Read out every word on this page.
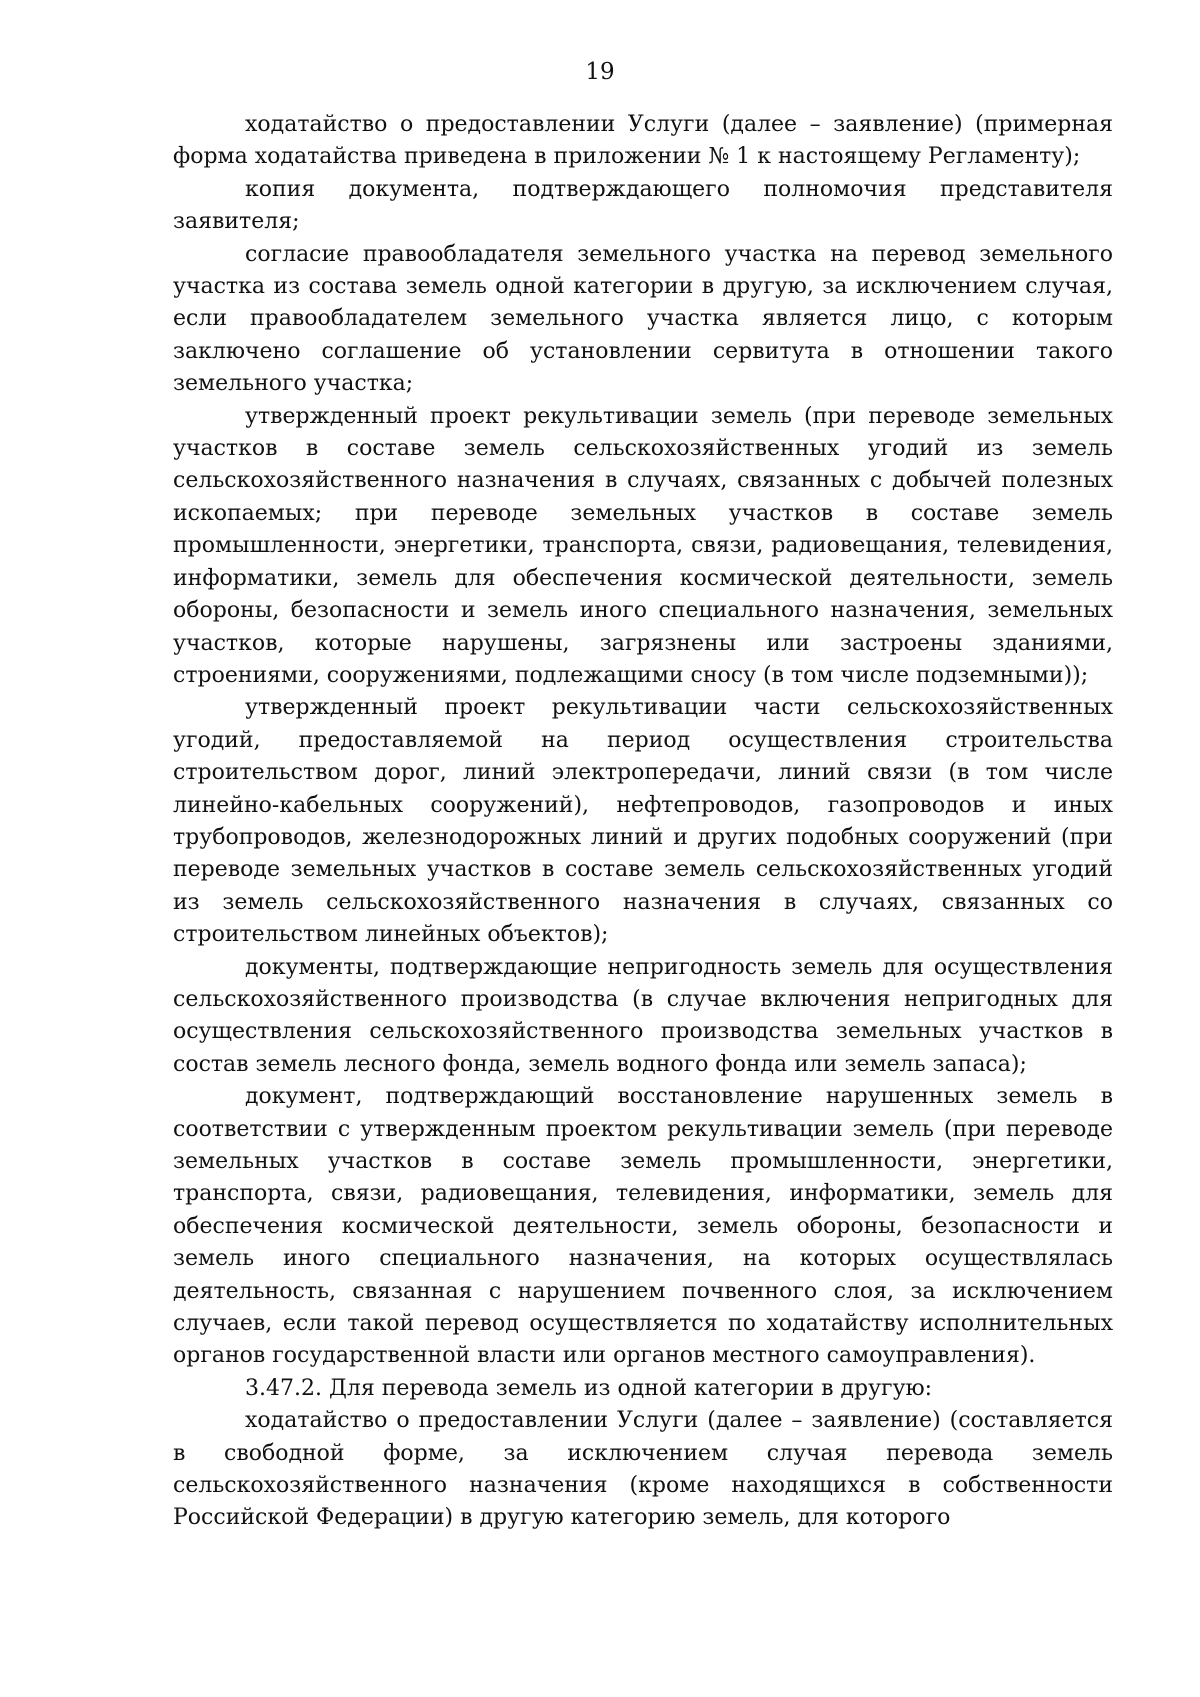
19

ходатайство о предоставлении Услуги (далее – заявление) (примерная форма ходатайства приведена в приложении № 1 к настоящему Регламенту);

копия документа, подтверждающего полномочия представителя заявителя;

согласие правообладателя земельного участка на перевод земельного участка из состава земель одной категории в другую, за исключением случая, если правообладателем земельного участка является лицо, с которым заключено соглашение об установлении сервитута в отношении такого земельного участка;

утвержденный проект рекультивации земель (при переводе земельных участков в составе земель сельскохозяйственных угодий из земель сельскохозяйственного назначения в случаях, связанных с добычей полезных ископаемых; при переводе земельных участков в составе земель промышленности, энергетики, транспорта, связи, радиовещания, телевидения, информатики, земель для обеспечения космической деятельности, земель обороны, безопасности и земель иного специального назначения, земельных участков, которые нарушены, загрязнены или застроены зданиями, строениями, сооружениями, подлежащими сносу (в том числе подземными));

утвержденный проект рекультивации части сельскохозяйственных угодий, предоставляемой на период осуществления строительства строительством дорог, линий электропередачи, линий связи (в том числе линейно-кабельных сооружений), нефтепроводов, газопроводов и иных трубопроводов, железнодорожных линий и других подобных сооружений (при переводе земельных участков в составе земель сельскохозяйственных угодий из земель сельскохозяйственного назначения в случаях, связанных со строительством линейных объектов);

документы, подтверждающие непригодность земель для осуществления сельскохозяйственного производства (в случае включения непригодных для осуществления сельскохозяйственного производства земельных участков в состав земель лесного фонда, земель водного фонда или земель запаса);

документ, подтверждающий восстановление нарушенных земель в соответствии с утвержденным проектом рекультивации земель (при переводе земельных участков в составе земель промышленности, энергетики, транспорта, связи, радиовещания, телевидения, информатики, земель для обеспечения космической деятельности, земель обороны, безопасности и земель иного специального назначения, на которых осуществлялась деятельность, связанная с нарушением почвенного слоя, за исключением случаев, если такой перевод осуществляется по ходатайству исполнительных органов государственной власти или органов местного самоуправления).

3.47.2. Для перевода земель из одной категории в другую:

ходатайство о предоставлении Услуги (далее – заявление) (составляется в свободной форме, за исключением случая перевода земель сельскохозяйственного назначения (кроме находящихся в собственности Российской Федерации) в другую категорию земель, для которого
